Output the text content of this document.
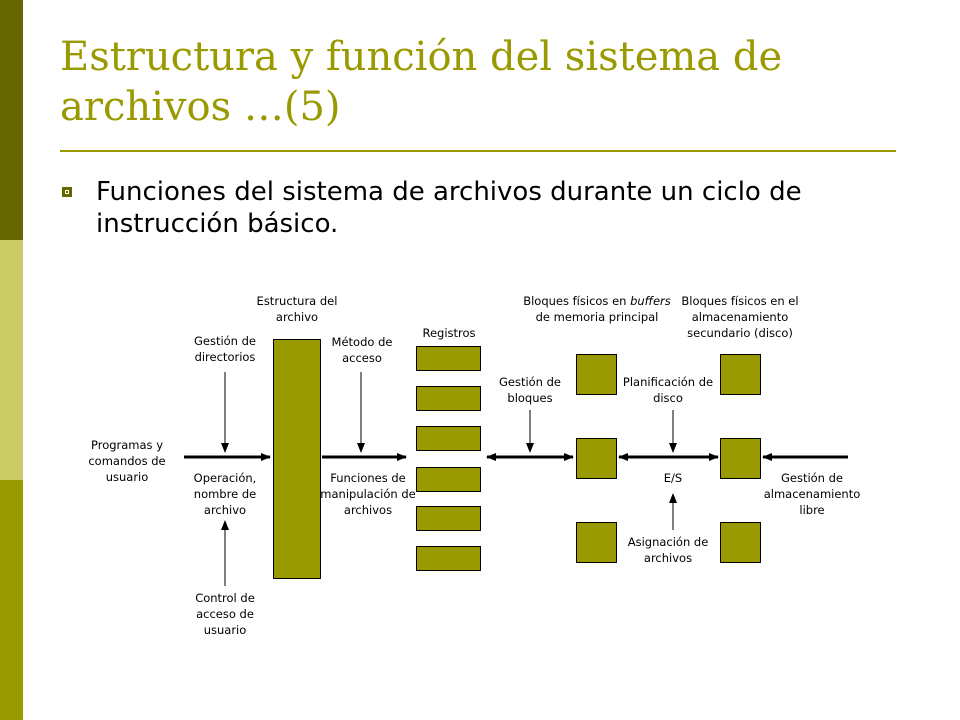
Estructura y función del sistema de archivos …(5)

Funciones del sistema de archivos durante un ciclo de instrucción básico.

Programas y comandos de usuario
Gestión de directorios
Operación, nombre de archivo
Control de acceso de usuario
Estructura del archivo
Método de acceso
Funciones de manipulación de archivos
Registros
Gestión de bloques
Bloques físicos en buffers de memoria principal
Planificación de disco
E/S
Asignación de archivos
Bloques físicos en el almacenamiento secundario (disco)
Gestión de almacenamiento libre
